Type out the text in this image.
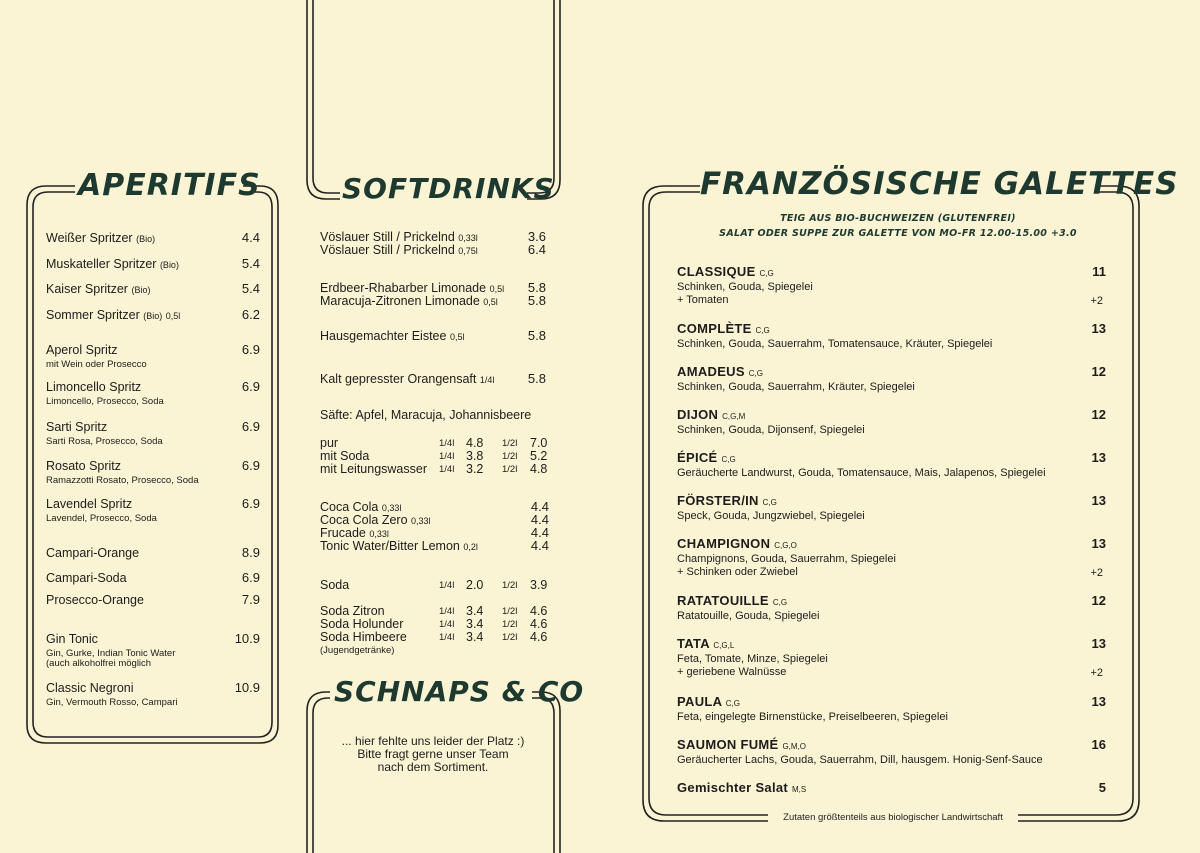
APERITIFS
Weißer Spritzer (Bio)	4.4
Muskateller Spritzer (Bio)	5.4
Kaiser Spritzer (Bio)	5.4
Sommer Spritzer (Bio) 0,5l	6.2
Aperol Spritz	6.9
mit Wein oder Prosecco
Limoncello Spritz	6.9
Limoncello, Prosecco, Soda
Sarti Spritz	6.9
Sarti Rosa, Prosecco, Soda
Rosato Spritz	6.9
Ramazzotti Rosato, Prosecco, Soda
Lavendel Spritz	6.9
Lavendel, Prosecco, Soda
Campari-Orange	8.9
Campari-Soda	6.9
Prosecco-Orange	7.9
Gin Tonic	10.9
Gin, Gurke, Indian Tonic Water
(auch alkoholfrei möglich
Classic Negroni	10.9
Gin, Vermouth Rosso, Campari
SOFTDRINKS
Vöslauer Still / Prickelnd 0,33l	3.6
Vöslauer Still / Prickelnd 0,75l	6.4
Erdbeer-Rhabarber Limonade 0,5l	5.8
Maracuja-Zitronen Limonade 0,5l	5.8
Hausgemachter Eistee 0,5l	5.8
Kalt gepresster Orangensaft 1/4l	5.8
Säfte: Apfel, Maracuja, Johannisbeere
pur	1/4l 4.8 1/2l 7.0
mit Soda	1/4l 3.8 1/2l 5.2
mit Leitungswasser 1/4l 3.2 1/2l 4.8
Coca Cola 0,33l	4.4
Coca Cola Zero 0,33l	4.4
Frucade 0,33l	4.4
Tonic Water/Bitter Lemon 0,2l	4.4
Soda	1/4l 2.0 1/2l 3.9
Soda Zitron	1/4l 3.4 1/2l 4.6
Soda Holunder	1/4l 3.4 1/2l 4.6
Soda Himbeere	1/4l 3.4 1/2l 4.6
(Jugendgetränke)
SCHNAPS & CO
... hier fehlte uns leider der Platz :)
Bitte fragt gerne unser Team
nach dem Sortiment.
FRANZÖSISCHE GALETTES
TEIG AUS BIO-BUCHWEIZEN (GLUTENFREI)
SALAT ODER SUPPE ZUR GALETTE VON MO-FR 12.00-15.00 +3.0
CLASSIQUE C,G	11
Schinken, Gouda, Spiegelei
+ Tomaten	+2
COMPLÈTE C,G	13
Schinken, Gouda, Sauerrahm, Tomatensauce, Kräuter, Spiegelei
AMADEUS C,G	12
Schinken, Gouda, Sauerrahm, Kräuter, Spiegelei
DIJON C,G,M	12
Schinken, Gouda, Dijonsenf, Spiegelei
ÉPICÉ C,G	13
Geräucherte Landwurst, Gouda, Tomatensauce, Mais, Jalapenos, Spiegelei
FÖRSTER/IN C,G	13
Speck, Gouda, Jungzwiebel, Spiegelei
CHAMPIGNON C,G,O	13
Champignons, Gouda, Sauerrahm, Spiegelei
+ Schinken oder Zwiebel	+2
RATATOUILLE C,G	12
Ratatouille, Gouda, Spiegelei
TATA C,G,L	13
Feta, Tomate, Minze, Spiegelei
+ geriebene Walnüsse	+2
PAULA C,G	13
Feta, eingelegte Birnenstücke, Preiselbeeren, Spiegelei
SAUMON FUMÉ G,M,O	16
Geräucherter Lachs, Gouda, Sauerrahm, Dill, hausgem. Honig-Senf-Sauce
Gemischter Salat M,S	5
Zutaten größtenteils aus biologischer Landwirtschaft
